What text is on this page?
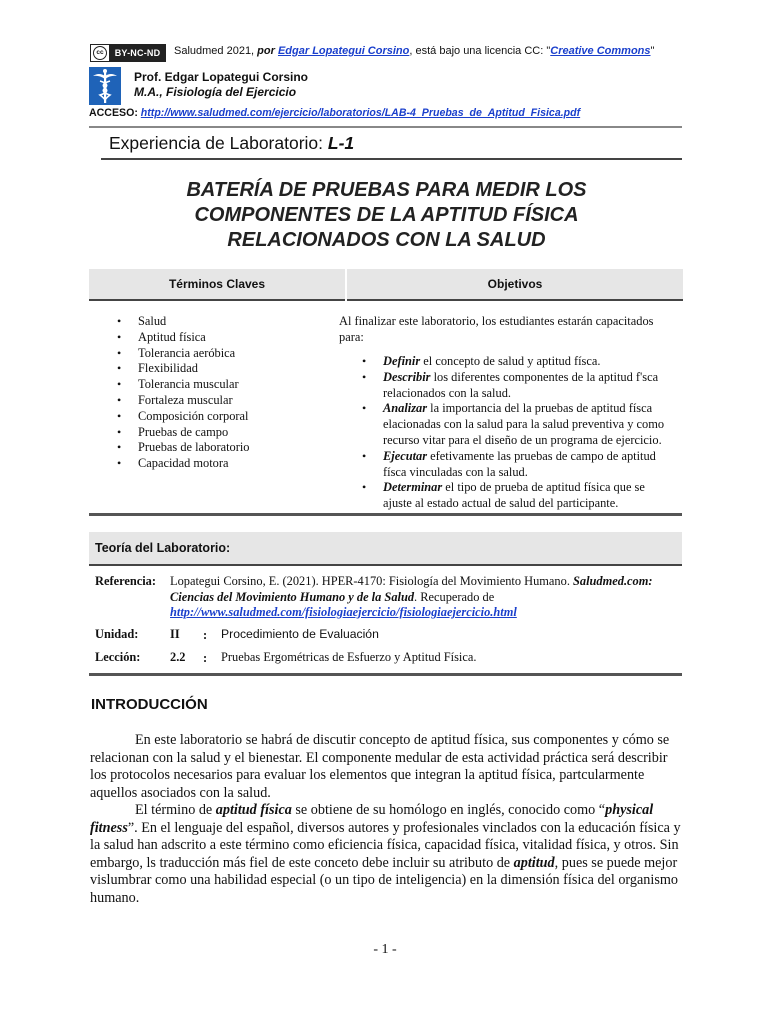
cc	BY-NC-ND	Saludmed 2021, por Edgar Lopategui Corsino, está bajo una licencia CC: "Creative Commons"
Prof. Edgar Lopategui Corsino
M.A., Fisiología del Ejercicio
ACCESO: http://www.saludmed.com/ejercicio/laboratorios/LAB-4_Pruebas_de_Aptitud_Fisica.pdf
Experiencia de Laboratorio: L-1
BATERÍA DE PRUEBAS PARA MEDIR LOS
COMPONENTES DE LA APTITUD FÍSICA
RELACIONADOS CON LA SALUD
Términos Claves	Objetivos
• Salud
• Aptitud física
• Tolerancia aeróbica
• Flexibilidad
• Tolerancia muscular
• Fortaleza muscular
• Composición corporal
• Pruebas de campo
• Pruebas de laboratorio
• Capacidad motora
Al finalizar este laboratorio, los estudiantes estarán capacitados para:
• Definir el concepto de salud y aptitud físca.
• Describir los diferentes componentes de la aptitud f'sca relacionados con la salud.
• Analizar la importancia del la pruebas de aptitud físca elacionadas con la salud para la salud preventiva y como recurso vitar para el diseño de un programa de ejercicio.
• Ejecutar efetivamente las pruebas de campo de aptitud físca vinculadas con la salud.
• Determinar el tipo de prueba de aptitud física que se ajuste al estado actual de salud del participante.
Teoría del Laboratorio:
Referencia: Lopategui Corsino, E. (2021). HPER-4170: Fisiología del Movimiento Humano. Saludmed.com: Ciencias del Movimiento Humano y de la Salud. Recuperado de http://www.saludmed.com/fisiologiaejercicio/fisiologiaejercicio.html
Unidad:	II : Procedimiento de Evaluación
Lección: 2.2 : Pruebas Ergométricas de Esfuerzo y Aptitud Física.
INTRODUCCIÓN
En este laboratorio se habrá de discutir concepto de aptitud física, sus componentes y cómo se relacionan con la salud y el bienestar. El componente medular de esta actividad práctica será describir los protocolos necesarios para evaluar los elementos que integran la aptitud física, partcularmente aquellos asociados con la salud.
El término de aptitud física se obtiene de su homólogo en inglés, conocido como “physical fitness”. En el lenguaje del español, diversos autores y profesionales vinclados con la educación física y la salud han adscrito a este término como eficiencia física, capacidad física, vitalidad física, y otros. Sin embargo, ls traducción más fiel de este conceto debe incluir su atributo de aptitud, pues se puede mejor vislumbrar como una habilidad especial (o un tipo de inteligencia) en la dimensión física del organismo humano.
- 1 -
